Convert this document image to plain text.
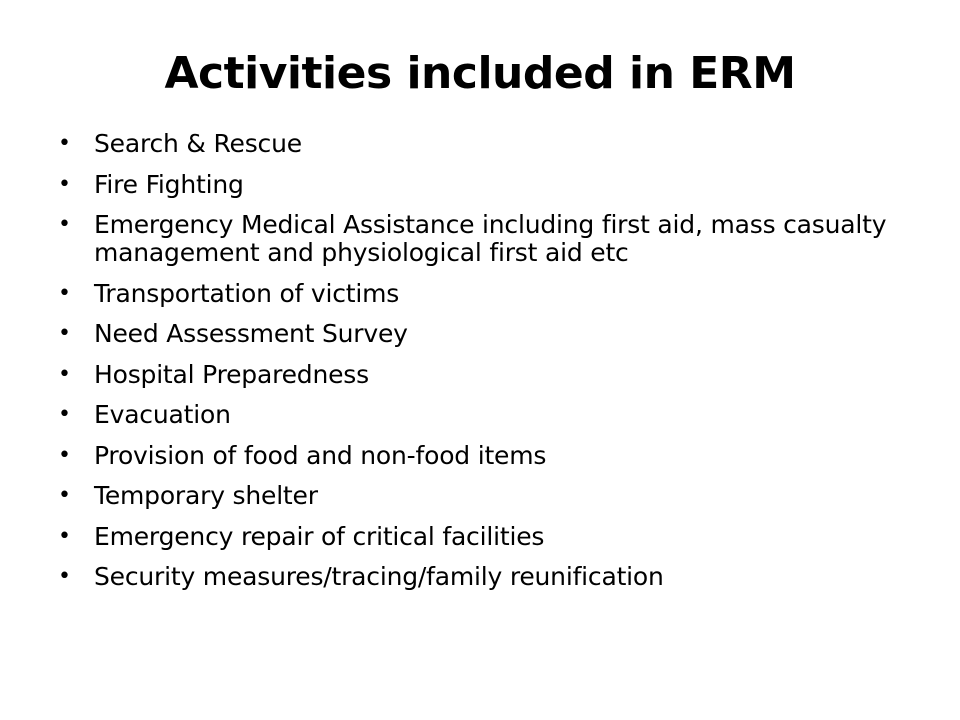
Activities included in ERM
• Search & Rescue
• Fire Fighting
• Emergency Medical Assistance including first aid, mass casualty management and physiological first aid etc
• Transportation of victims
• Need Assessment Survey
• Hospital Preparedness
• Evacuation
• Provision of food and non-food items
• Temporary shelter
• Emergency repair of critical facilities
• Security measures/tracing/family reunification
